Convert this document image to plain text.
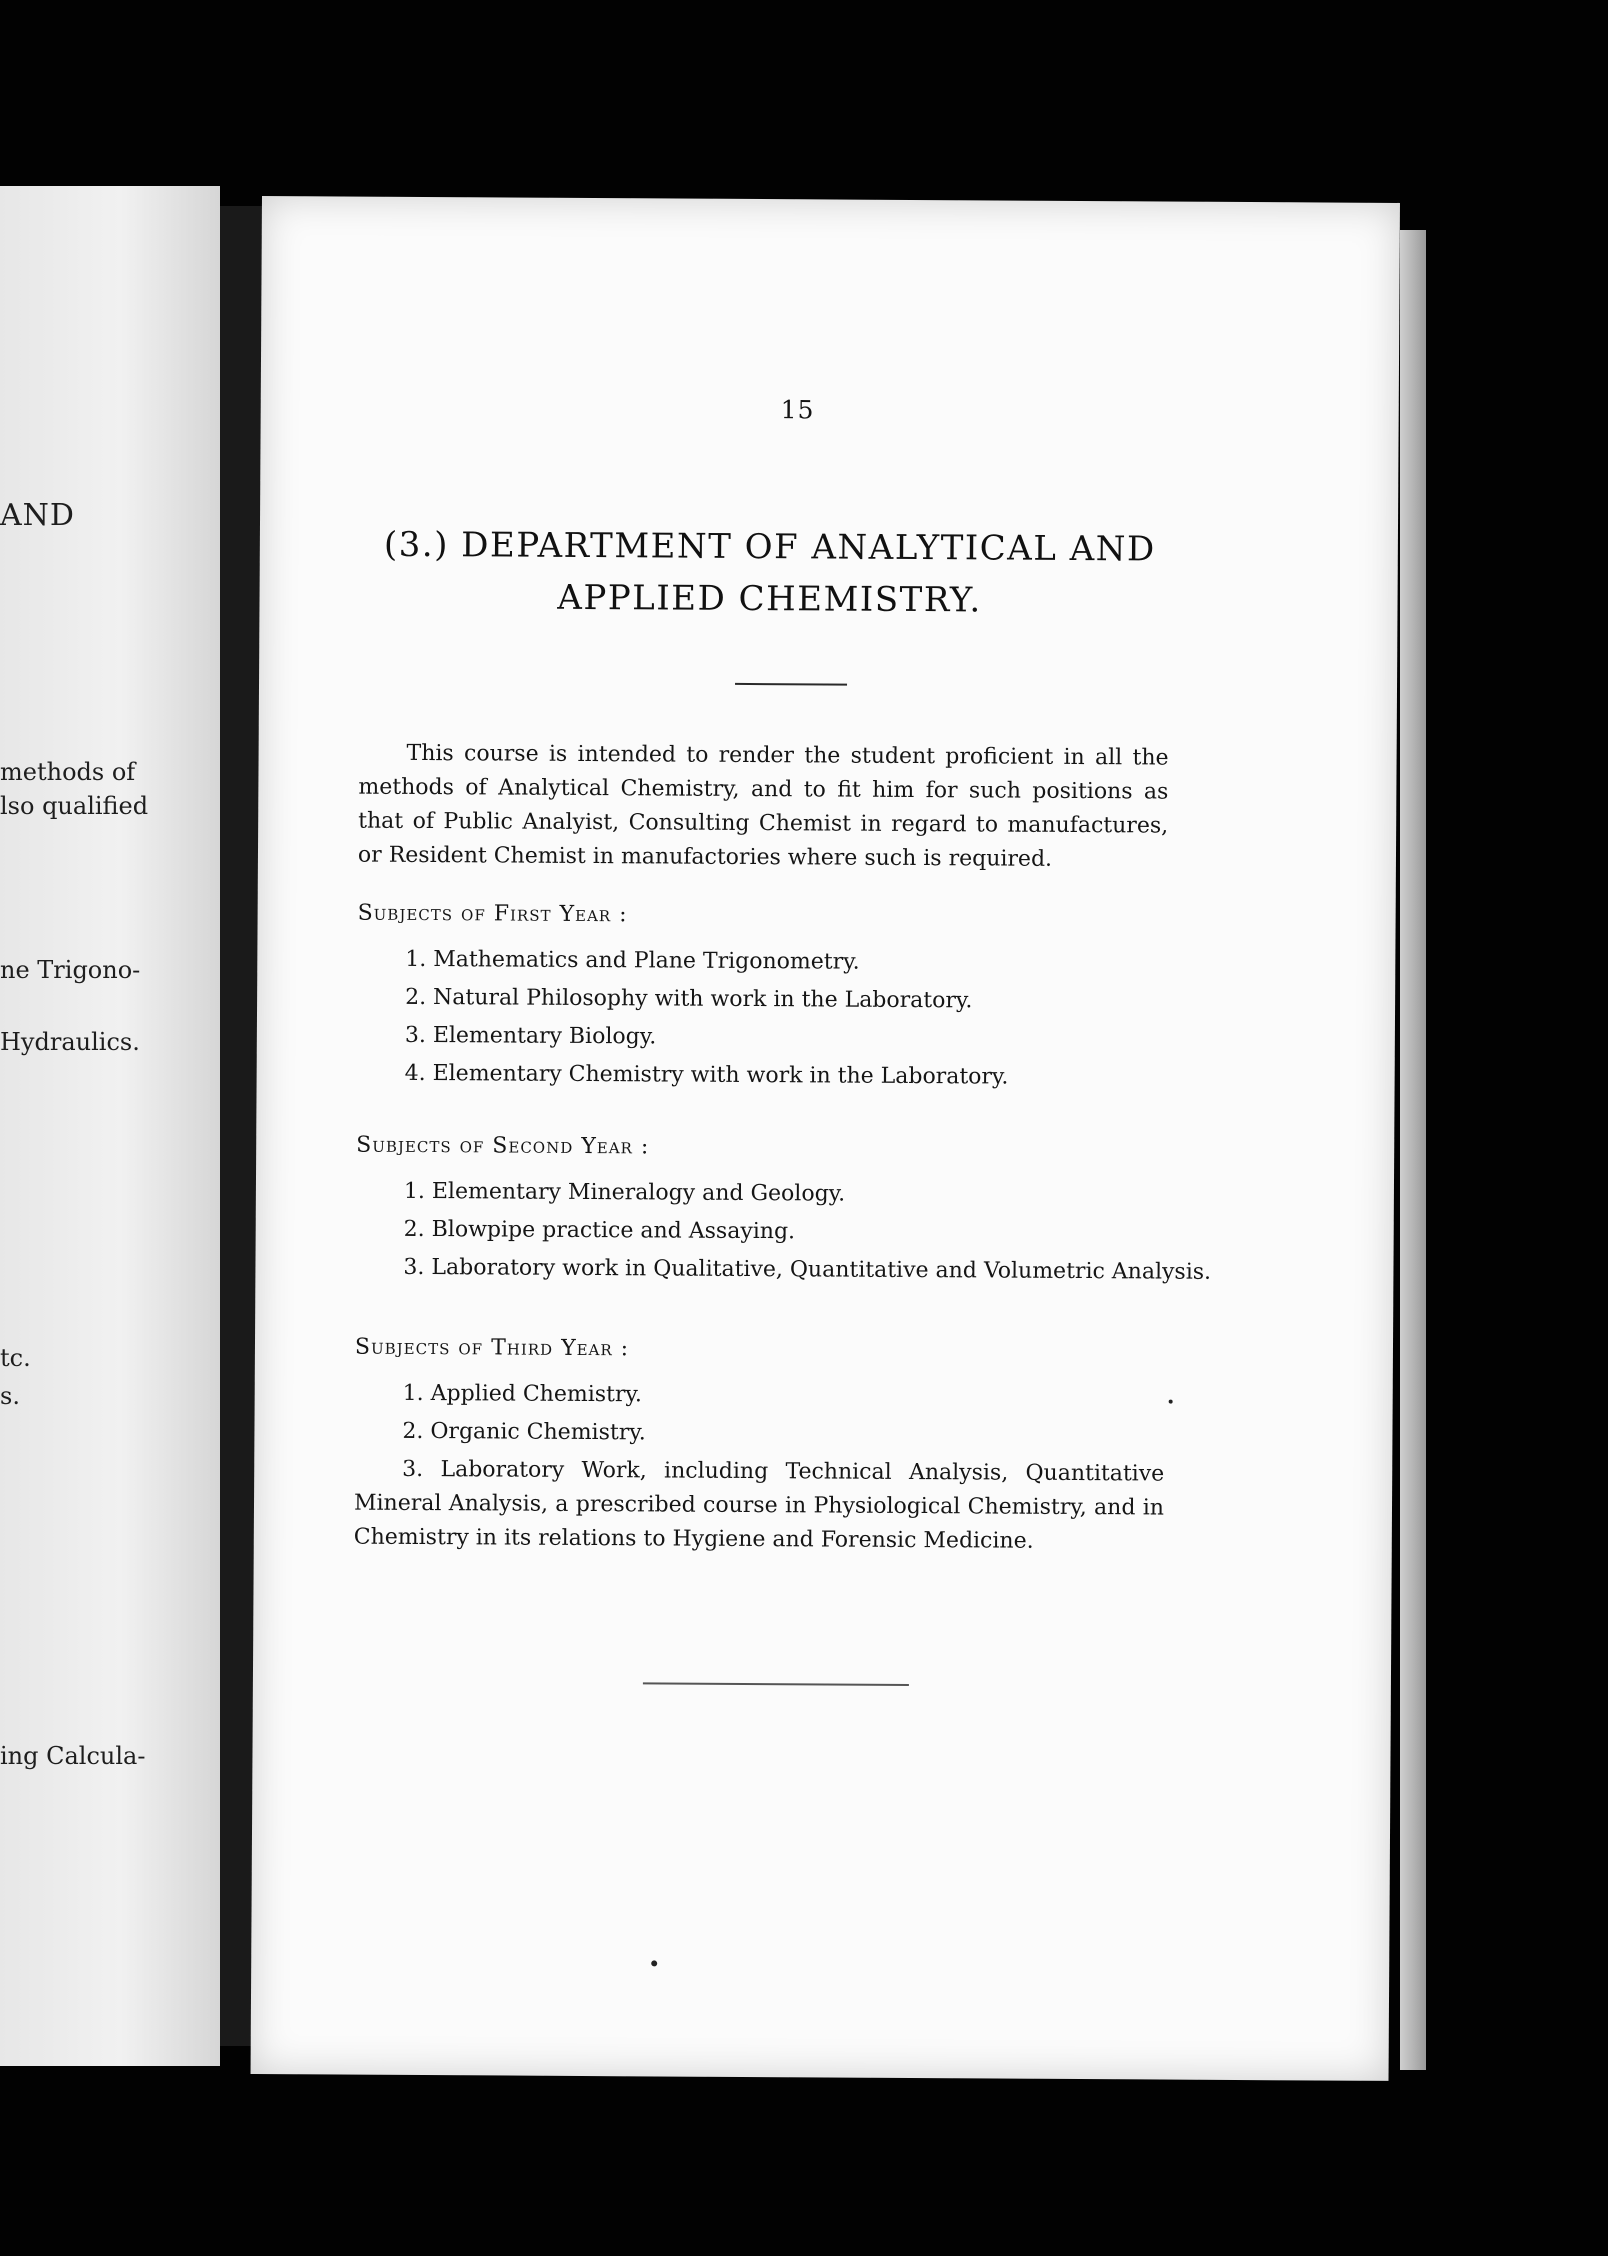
AND
methods of
lso qualified
ne Trigono-
Hydraulics.
tc.
s.
ing Calcula-
15
(3.) DEPARTMENT OF ANALYTICAL AND
APPLIED CHEMISTRY.
This course is intended to render the student proficient in all the methods of Analytical Chemistry, and to fit him for such positions as that of Public Analyist, Consulting Chemist in regard to manufactures, or Resident Chemist in manufactories where such is required.
Subjects of First Year :
1. Mathematics and Plane Trigonometry.
2. Natural Philosophy with work in the Laboratory.
3. Elementary Biology.
4. Elementary Chemistry with work in the Laboratory.
Subjects of Second Year :
1. Elementary Mineralogy and Geology.
2. Blowpipe practice and Assaying.
3. Laboratory work in Qualitative, Quantitative and Volumetric Analysis.
Subjects of Third Year :
1. Applied Chemistry.
2. Organic Chemistry.
3. Laboratory Work, including Technical Analysis, Quantitative Mineral Analysis, a prescribed course in Physiological Chemistry, and in Chemistry in its relations to Hygiene and Forensic Medicine.
